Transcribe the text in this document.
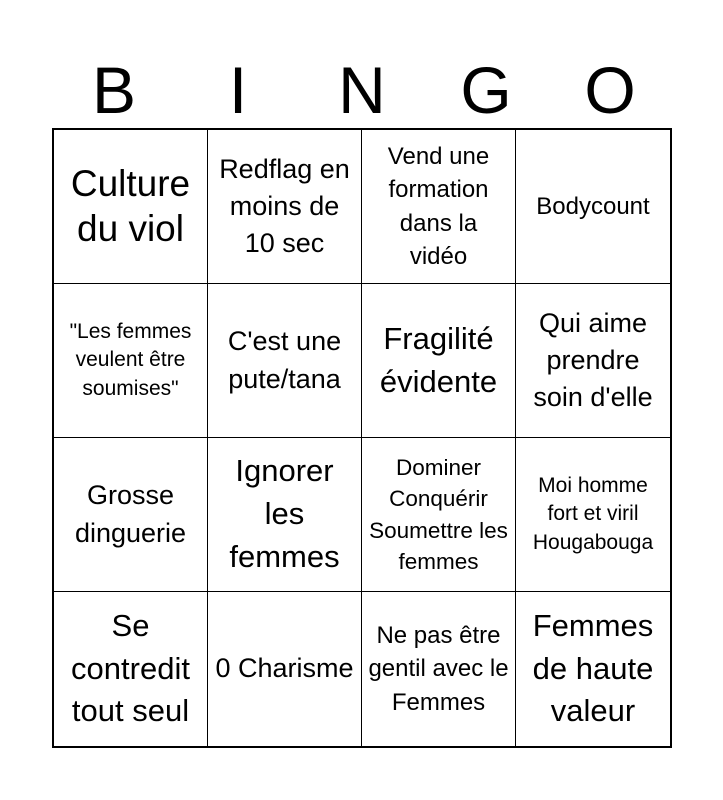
B	I	N	G	O
Culture du viol
Redflag en moins de 10 sec
Vend une formation dans la vidéo
Bodycount
"Les femmes veulent être soumises"
C'est une pute/tana
Fragilité évidente
Qui aime prendre soin d'elle
Grosse dinguerie
Ignorer les femmes
Dominer Conquérir Soumettre les femmes
Moi homme fort et viril Hougabouga
Se contredit tout seul
0 Charisme
Ne pas être gentil avec le Femmes
Femmes de haute valeur
